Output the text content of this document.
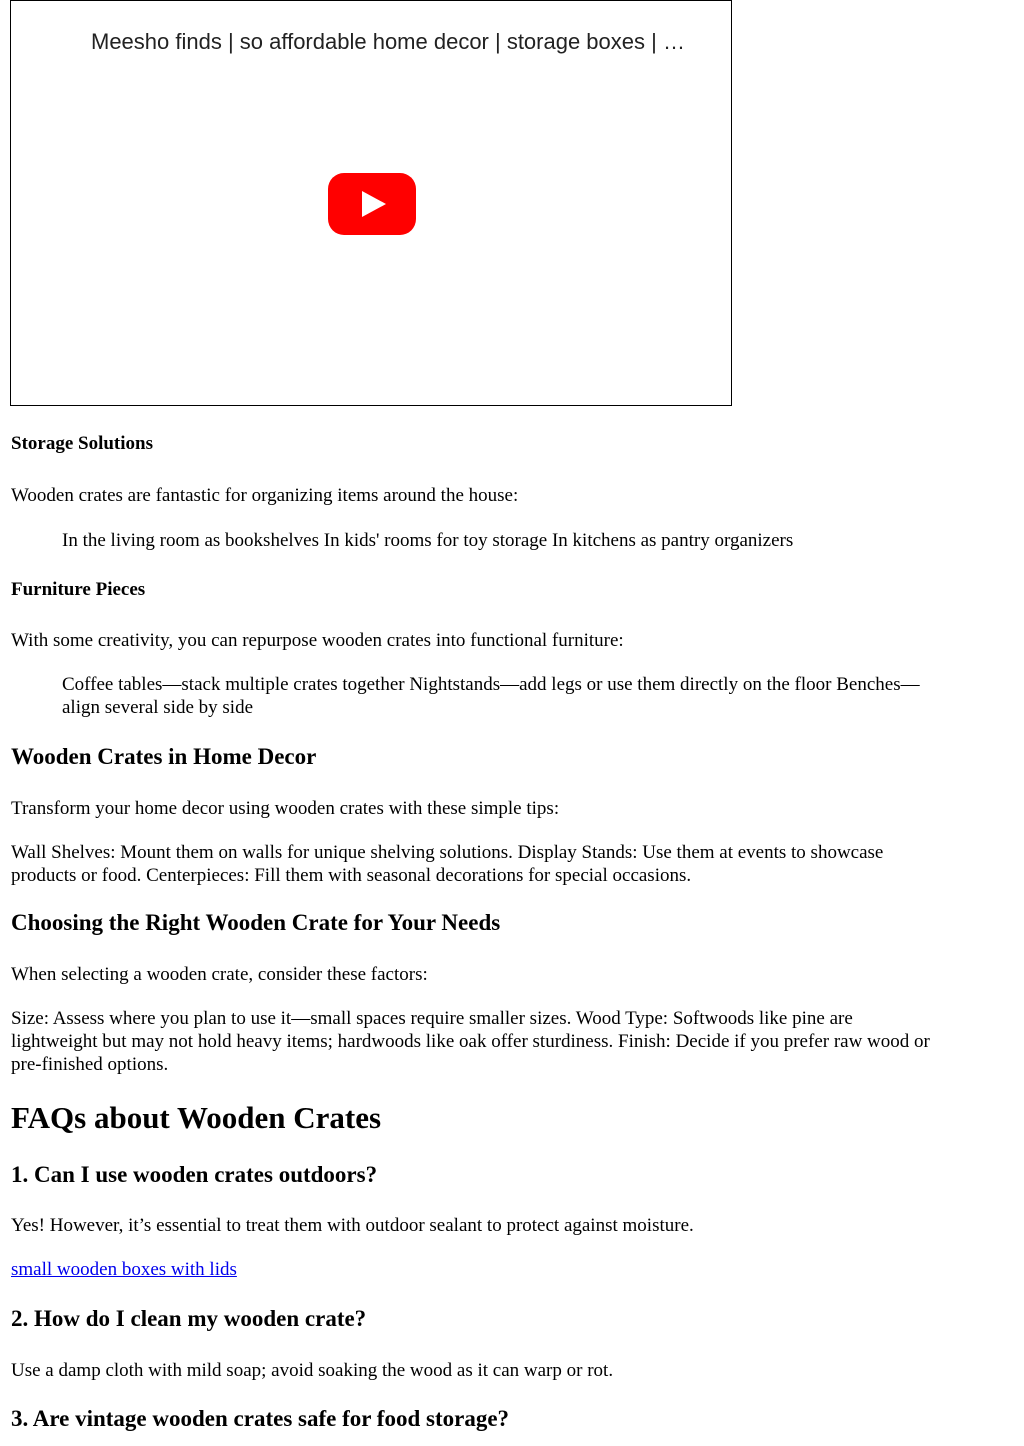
Meesho finds | so affordable home decor | storage boxes | …
Storage Solutions

Wooden crates are fantastic for organizing items around the house:

In the living room as bookshelves In kids' rooms for toy storage In kitchens as pantry organizers

Furniture Pieces

With some creativity, you can repurpose wooden crates into functional furniture:

Coffee tables—stack multiple crates together Nightstands—add legs or use them directly on the floor Benches—

align several side by side

Wooden Crates in Home Decor

Transform your home decor using wooden crates with these simple tips:

Wall Shelves: Mount them on walls for unique shelving solutions. Display Stands: Use them at events to showcase

products or food. Centerpieces: Fill them with seasonal decorations for special occasions.

Choosing the Right Wooden Crate for Your Needs

When selecting a wooden crate, consider these factors:

Size: Assess where you plan to use it—small spaces require smaller sizes. Wood Type: Softwoods like pine are

lightweight but may not hold heavy items; hardwoods like oak offer sturdiness. Finish: Decide if you prefer raw wood or

pre-finished options.

FAQs about Wooden Crates
1. Can I use wooden crates outdoors?

Yes! However, it’s essential to treat them with outdoor sealant to protect against moisture.

small wooden boxes with lids

2. How do I clean my wooden crate?

Use a damp cloth with mild soap; avoid soaking the wood as it can warp or rot.

3. Are vintage wooden crates safe for food storage?
